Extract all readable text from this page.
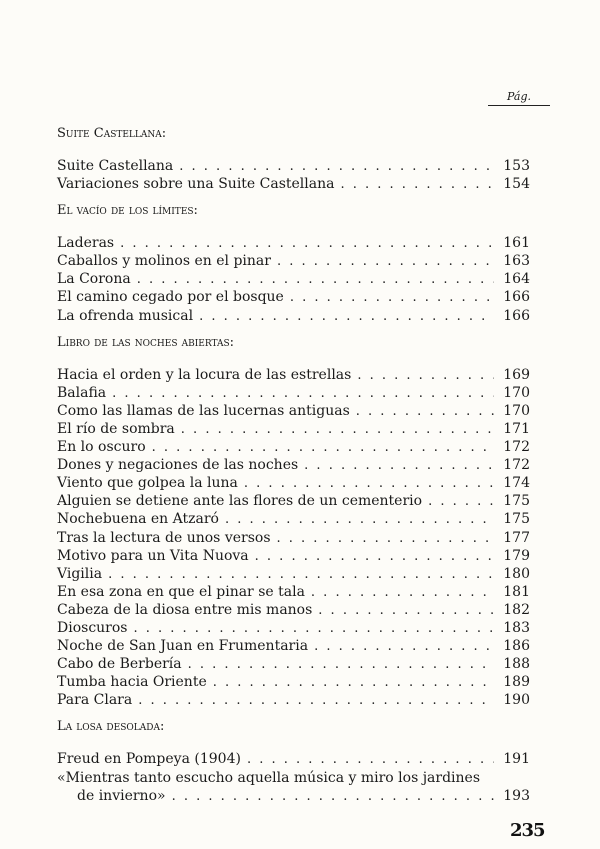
Pág.
Suite Castellana:
Suite Castellana . . .	153
Variaciones sobre una Suite Castellana . . .	154
El vacío de los límites:
Laderas . . .	161
Caballos y molinos en el pinar . . .	163
La Corona . . .	164
El camino cegado por el bosque . . .	166
La ofrenda musical . . .	166
Libro de las noches abiertas:
Hacia el orden y la locura de las estrellas . . .	169
Balafia . . .	170
Como las llamas de las lucernas antiguas . . .	170
El río de sombra . . .	171
En lo oscuro . . .	172
Dones y negaciones de las noches . . .	172
Viento que golpea la luna . . .	174
Alguien se detiene ante las flores de un cementerio . . .	175
Nochebuena en Atzaró . . .	175
Tras la lectura de unos versos . . .	177
Motivo para un Vita Nuova . . .	179
Vigilia . . .	180
En esa zona en que el pinar se tala . . .	181
Cabeza de la diosa entre mis manos . . .	182
Dioscuros . . .	183
Noche de San Juan en Frumentaria . . .	186
Cabo de Berbería . . .	188
Tumba hacia Oriente . . .	189
Para Clara . . .	190
La losa desolada:
Freud en Pompeya (1904) . . .	191
«Mientras tanto escucho aquella música y miro los jardines
de invierno» . . .	193
235
